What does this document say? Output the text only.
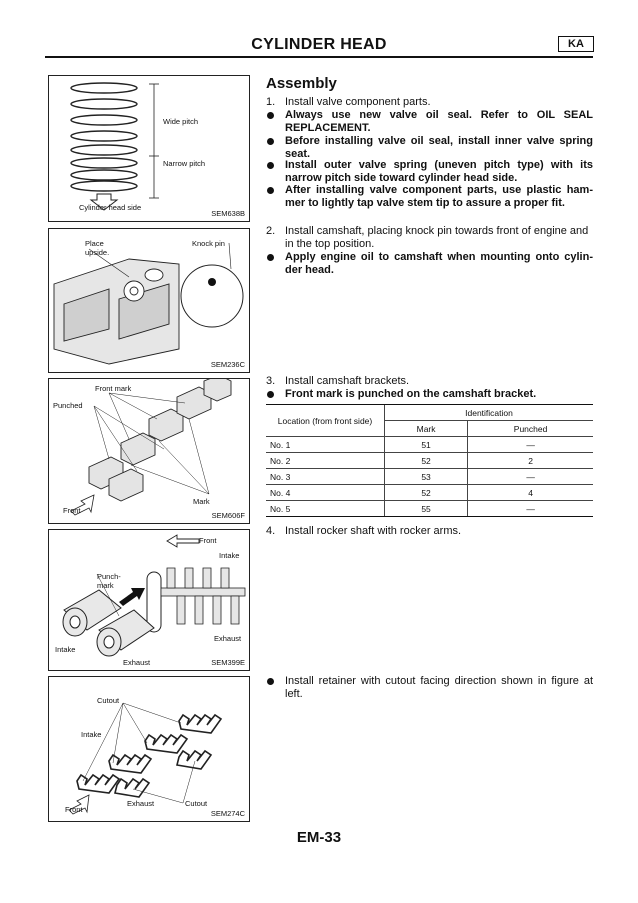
CYLINDER HEAD	KA
Wide pitch
Narrow pitch
Cylinder head side
SEM638B
Place
upside.
Knock pin
SEM236C
Front mark
Punched
Mark
Front
SEM606F
Front
Intake
Punch-
mark
Exhaust
Intake
Exhaust	SEM399E
Cutout
Intake
Front
Exhaust	Cutout
SEM274C
Assembly
1. Install valve component parts.
Always use new valve oil seal. Refer to OIL SEAL REPLACEMENT.
Before installing valve oil seal, install inner valve spring seat.
Install outer valve spring (uneven pitch type) with its narrow pitch side toward cylinder head side.
After installing valve component parts, use plastic ham-mer to lightly tap valve stem tip to assure a proper fit.
2. Install camshaft, placing knock pin towards front of engine and in the top position.
Apply engine oil to camshaft when mounting onto cylin-der head.
3. Install camshaft brackets.
Front mark is punched on the camshaft bracket.
Location (from front side)	Identification	
	Mark	Punched
No. 1	51	—
No. 2	52	2
No. 3	53	—
No. 4	52	4
No. 5	55	—
4. Install rocker shaft with rocker arms.
Install retainer with cutout facing direction shown in figure at left.
EM-33
